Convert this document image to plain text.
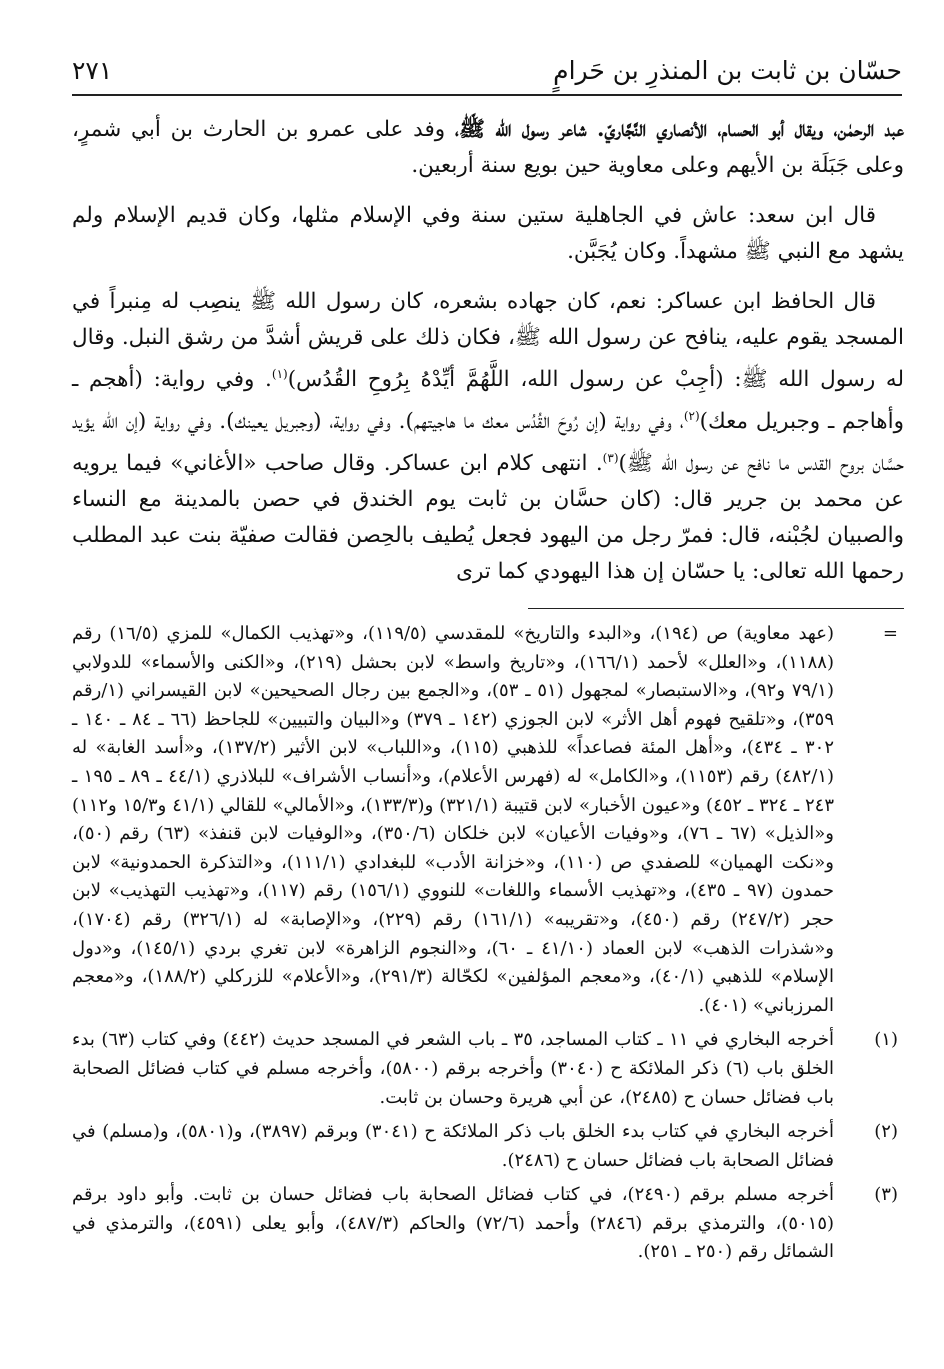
حسّان بن ثابت بن المنذرِ بن حَرامٍ
٢٧١

عبد الرحمٰن، ويقال أبو الحسام، الأنصاري النَّجَّاريّ. شاعر رسول الله ﷺ، وفد على عمرو بن الحارث بن أبي شمرٍ، وعلى جَبَلَة بن الأيهم وعلى معاوية حين بويع سنة أربعين.

قال ابن سعد: عاش في الجاهلية ستين سنة وفي الإسلام مثلها، وكان قديم الإسلام ولم يشهد مع النبي ﷺ مشهداً. وكان يُجَبَّن.

قال الحافظ ابن عساكر: نعم، كان جهاده بشعره، كان رسول الله ﷺ ينصِب له مِنبراً في المسجد يقوم عليه، ينافح عن رسول الله ﷺ، فكان ذلك على قريش أشدَّ من رشق النبل. وقال له رسول الله ﷺ: (أجِبْ عن رسول الله، اللَّهُمَّ أيِّدْهُ بِرُوحِ القُدُس)$^{(١)}$. وفي رواية: (أهجم ـ وأهاجم ـ وجبريل معك)$^{(٢)}$، وفي رواية (إن رُوحَ القُدُس معك ما هاجيتهم). وفي رواية، (وجبريل يعينك). وفي رواية (إن الله يؤيد حسَّان بروح القدس ما نافح عن رسول الله ﷺ)$^{(٣)}$. انتهى كلام ابن عساكر. وقال صاحب «الأغاني» فيما يرويه عن محمد بن جرير قال: (كان حسَّان بن ثابت يوم الخندق في حصن بالمدينة مع النساء والصبيان لجُبْنه، قال: فمرّ رجل من اليهود فجعل يُطيف بالحِصن فقالت صفيّة بنت عبد المطلب رحمها الله تعالى: يا حسّان إن هذا اليهودي كما ترى

=
(عهد معاوية) ص (١٩٤)، و«البدء والتاريخ» للمقدسي (١١٩/٥)، و«تهذيب الكمال» للمزي (١٦/٥) رقم (١١٨٨)، و«العلل» لأحمد (١٦٦/١)، و«تاريخ واسط» لابن بحشل (٢١٩)، و«الكنى والأسماء» للدولابي (٧٩/١ و٩٢)، و«الاستبصار» لمجهول (٥١ ـ ٥٣)، و«الجمع بين رجال الصحيحين» لابن القيسراني (١/رقم ٣٥٩)، و«تلقيح فهوم أهل الأثر» لابن الجوزي (١٤٢ ـ ٣٧٩) و«البيان والتبيين» للجاحظ (٦٦ ـ ٨٤ ـ ١٤٠ ـ ٣٠٢ ـ ٤٣٤)، و«أهل المئة فصاعداً» للذهبي (١١٥)، و«اللباب» لابن الأثير (١٣٧/٢)، و«أسد الغابة» له (٤٨٢/١) رقم (١١٥٣)، و«الكامل» له (فهرس الأعلام)، و«أنساب الأشراف» للبلاذري (٤٤/١ ـ ٨٩ ـ ١٩٥ ـ ٢٤٣ ـ ٣٢٤ ـ ٤٥٢) و«عيون الأخبار» لابن قتيبة (٣٢١/١) و(١٣٣/٣)، و«الأمالي» للقالي (٤١/١ و١٥/٣ و١١٢) و«الذيل» (٦٧ ـ ٧٦)، و«وفيات الأعيان» لابن خلكان (٣٥٠/٦)، و«الوفيات لابن قنفذ» (٦٣) رقم (٥٠)، و«نكت الهميان» للصفدي ص (١١٠)، و«خزانة الأدب» للبغدادي (١١١/١)، و«التذكرة الحمدونية» لابن حمدون (٩٧ ـ ٤٣٥)، و«تهذيب الأسماء واللغات» للنووي (١٥٦/١) رقم (١١٧)، و«تهذيب التهذيب» لابن حجر (٢٤٧/٢) رقم (٤٥٠)، و«تقريبه» (١٦١/١) رقم (٢٢٩)، و«الإصابة» له (٣٢٦/١) رقم (١٧٠٤)، و«شذرات الذهب» لابن العماد (٤١/١٠ ـ ٦٠)، و«النجوم الزاهرة» لابن تغري بردي (١٤٥/١)، و«دول الإسلام» للذهبي (٤٠/١)، و«معجم المؤلفين» لكحّالة (٢٩١/٣)، و«الأعلام» للزركلي (١٨٨/٢)، و«معجم المرزباني» (٤٠١).
(١)
أخرجه البخاري في ١١ ـ كتاب المساجد، ٣٥ ـ باب الشعر في المسجد حديث (٤٤٢) وفي كتاب (٦٣) بدء الخلق باب (٦) ذكر الملائكة ح (٣٠٤٠) وأخرجه برقم (٥٨٠٠)، وأخرجه مسلم في كتاب فضائل الصحابة باب فضائل حسان ح (٢٤٨٥)، عن أبي هريرة وحسان بن ثابت.
(٢)
أخرجه البخاري في كتاب بدء الخلق باب ذكر الملائكة ح (٣٠٤١) وبرقم (٣٨٩٧)، و(٥٨٠١)، و(مسلم) في فضائل الصحابة باب فضائل حسان ح (٢٤٨٦).
(٣)
أخرجه مسلم برقم (٢٤٩٠)، في كتاب فضائل الصحابة باب فضائل حسان بن ثابت. وأبو داود برقم (٥٠١٥)، والترمذي برقم (٢٨٤٦) وأحمد (٧٢/٦) والحاكم (٤٨٧/٣)، وأبو يعلى (٤٥٩١)، والترمذي في الشمائل رقم (٢٥٠ ـ ٢٥١).
